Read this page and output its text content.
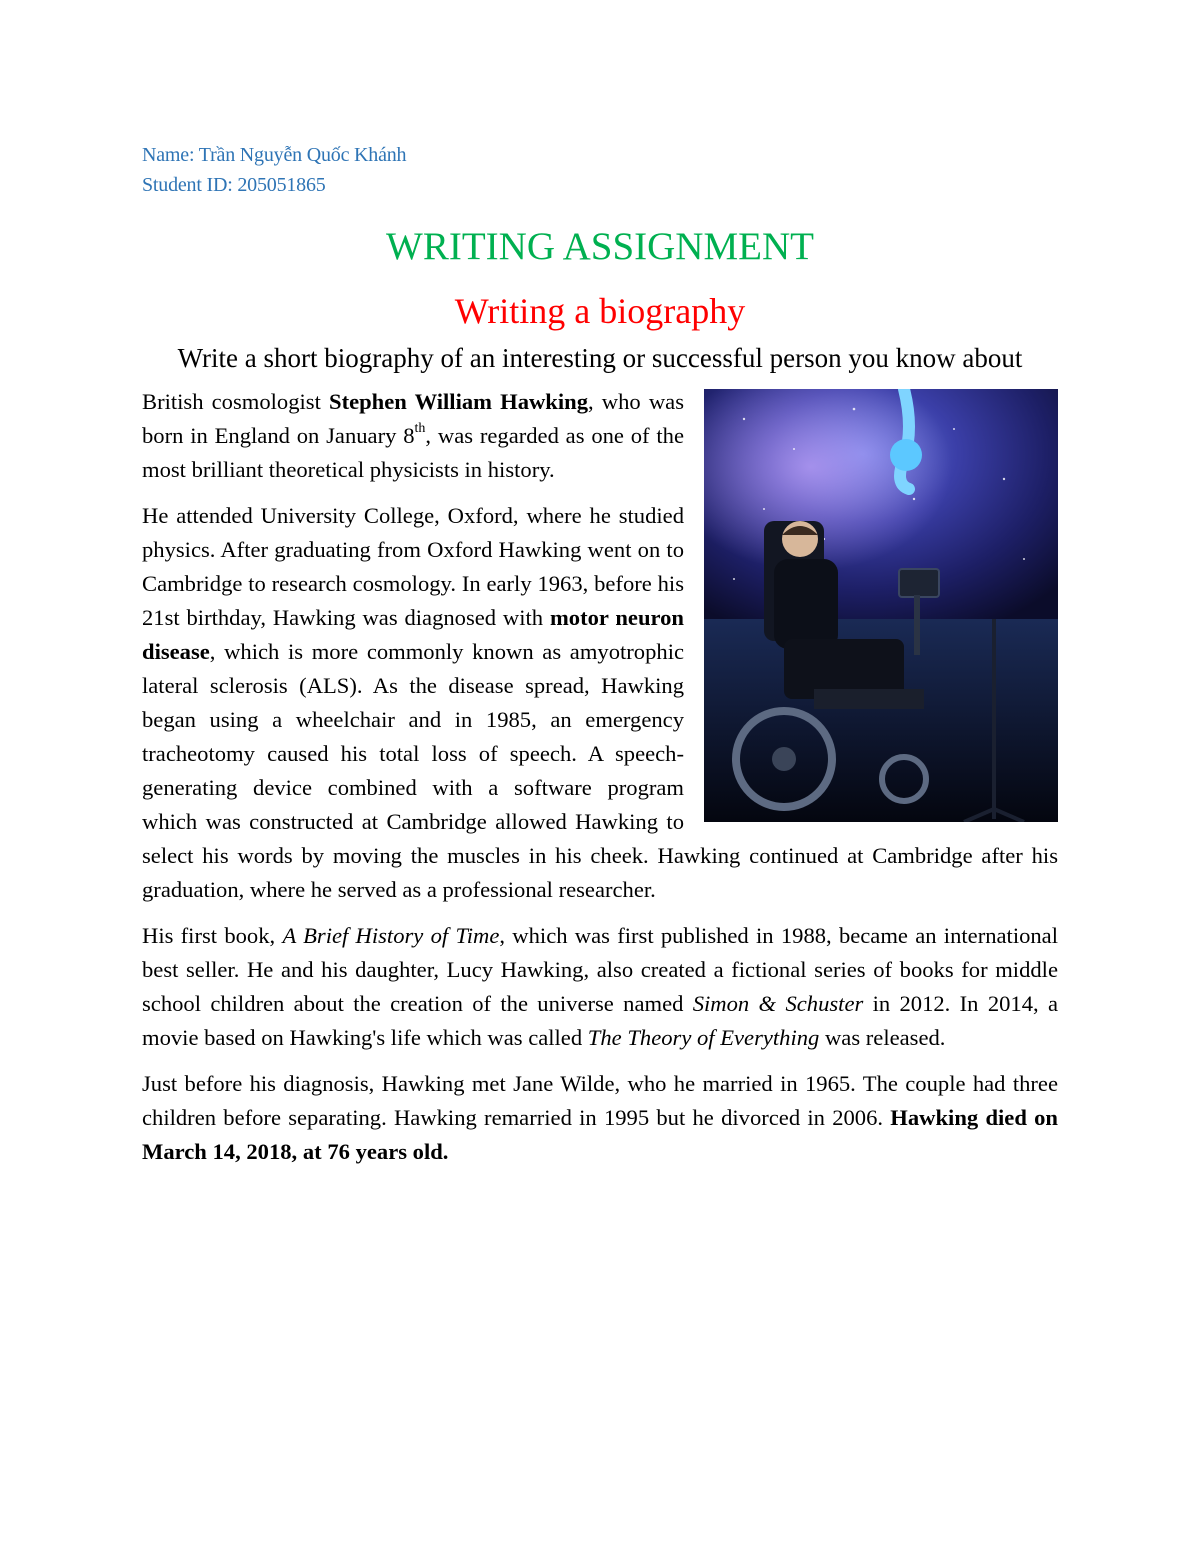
Name: Trần Nguyễn Quốc Khánh
Student ID: 205051865
WRITING ASSIGNMENT
Writing a biography
Write a short biography of an interesting or successful person you know about

British cosmologist Stephen William Hawking, who was born in England on January 8th, was regarded as one of the most brilliant theoretical physicists in history.

He attended University College, Oxford, where he studied physics. After graduating from Oxford Hawking went on to Cambridge to research cosmology. In early 1963, before his 21st birthday, Hawking was diagnosed with motor neuron disease, which is more commonly known as amyotrophic lateral sclerosis (ALS). As the disease spread, Hawking began using a wheelchair and in 1985, an emergency tracheotomy caused his total loss of speech. A speech-generating device combined with a software program which was constructed at Cambridge allowed Hawking to select his words by moving the muscles in his cheek. Hawking continued at Cambridge after his graduation, where he served as a professional researcher.

His first book, A Brief History of Time, which was first published in 1988, became an international best seller. He and his daughter, Lucy Hawking, also created a fictional series of books for middle school children about the creation of the universe named Simon & Schuster in 2012. In 2014, a movie based on Hawking's life which was called The Theory of Everything was released.

Just before his diagnosis, Hawking met Jane Wilde, who he married in 1965. The couple had three children before separating. Hawking remarried in 1995 but he divorced in 2006. Hawking died on March 14, 2018, at 76 years old.
